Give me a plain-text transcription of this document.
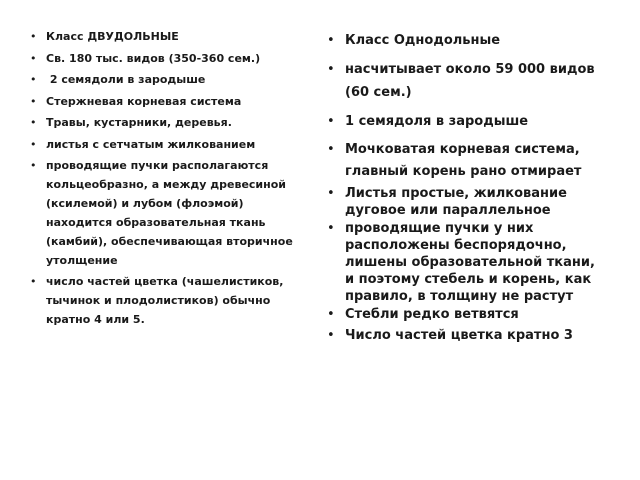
• Класс ДВУДОЛЬНЫЕ
• Св. 180 тыс. видов (350-360 сем.)
•  2 семядоли в зародыше
• Стержневая корневая система
• Травы, кустарники, деревья.
• листья с сетчатым жилкованием
• проводящие пучки располагаются кольцеобразно, а между древесиной (ксилемой) и лубом (флоэмой) находится образовательная ткань (камбий), обеспечивающая вторичное утолщение
• число частей цветка (чашелистиков, тычинок и плодолистиков) обычно кратно 4 или 5.
• Класс Однодольные
• насчитывает около 59 000 видов (60 сем.)
• 1 семядоля в зародыше
• Мочковатая корневая система, главный корень рано отмирает
• Листья простые, жилкование дуговое или параллельное
• проводящие пучки у них расположены беспорядочно, лишены образовательной ткани, и поэтому стебель и корень, как правило, в толщину не растут
• Стебли редко ветвятся
• Число частей цветка кратно 3
